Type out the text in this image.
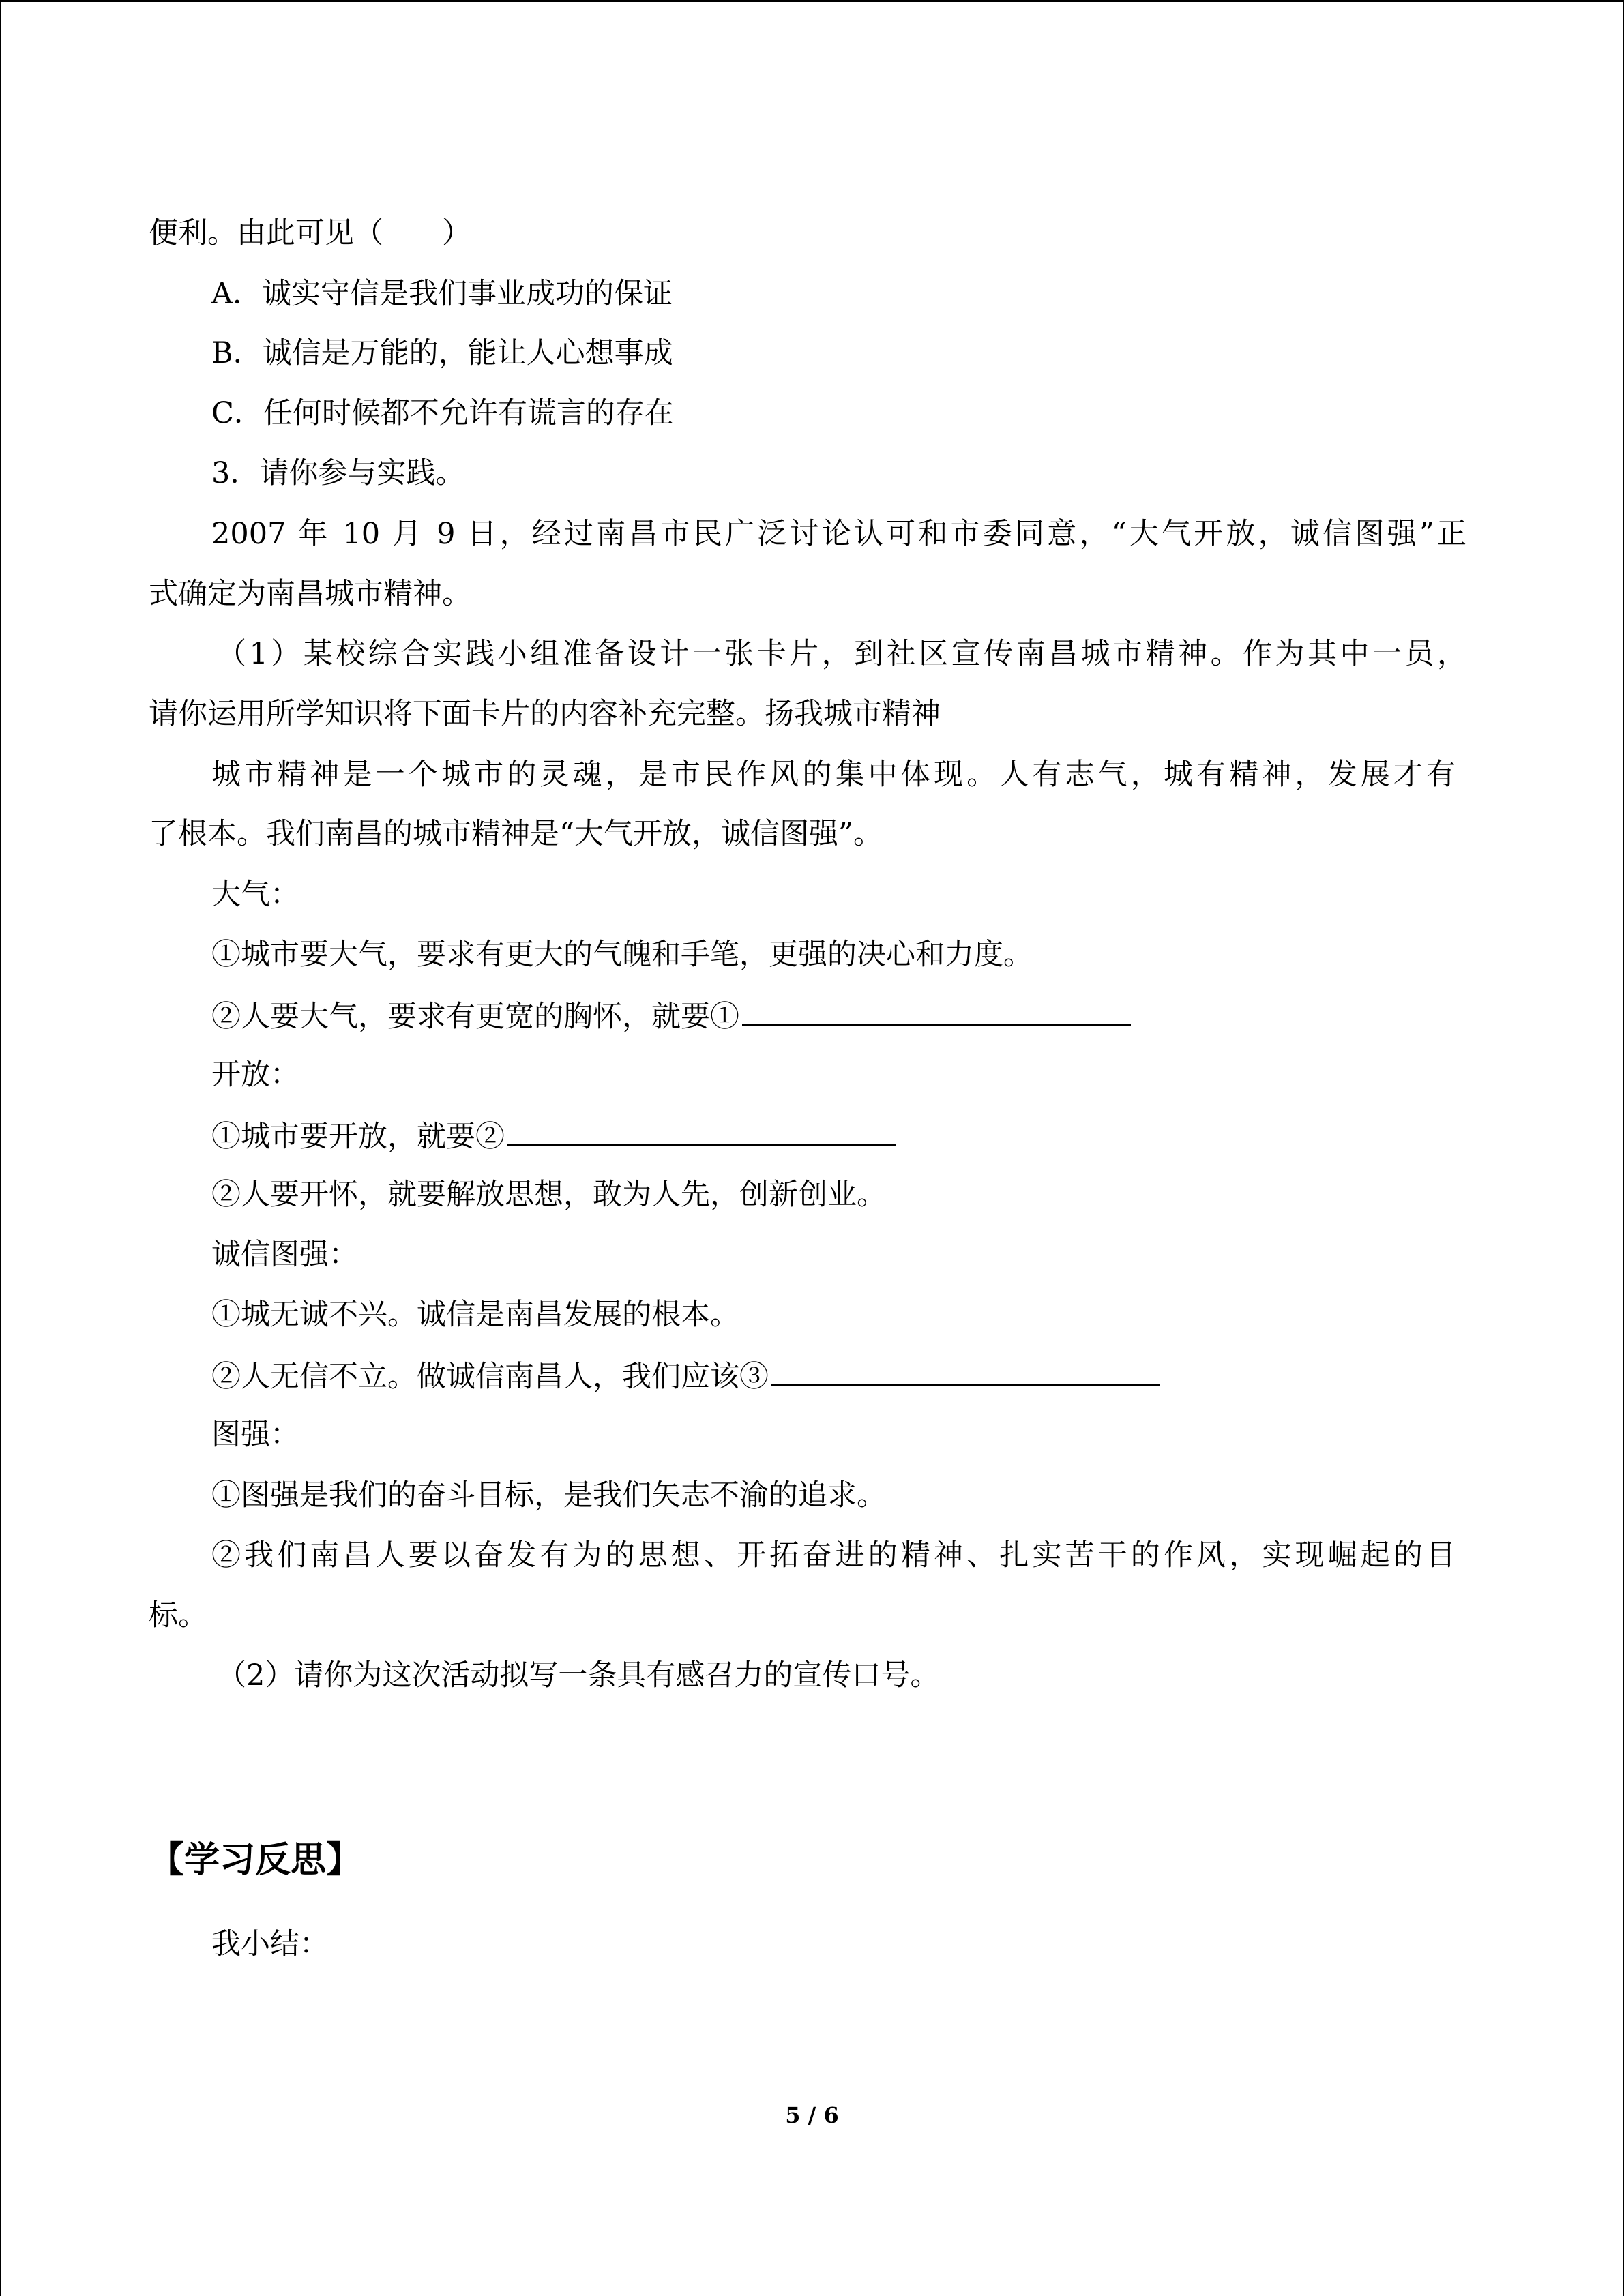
便利。由此可见（　　）
A．诚实守信是我们事业成功的保证
B．诚信是万能的，能让人心想事成
C．任何时候都不允许有谎言的存在
3．请你参与实践。
2007 年 10 月 9 日，经过南昌市民广泛讨论认可和市委同意，“大气开放，诚信图强”正
式确定为南昌城市精神。
（1）某校综合实践小组准备设计一张卡片，到社区宣传南昌城市精神。作为其中一员，
请你运用所学知识将下面卡片的内容补充完整。扬我城市精神
城市精神是一个城市的灵魂，是市民作风的集中体现。人有志气，城有精神，发展才有
了根本。我们南昌的城市精神是“大气开放，诚信图强”。
大气：
①城市要大气，要求有更大的气魄和手笔，更强的决心和力度。
②人要大气，要求有更宽的胸怀，就要①
开放：
①城市要开放，就要②
②人要开怀，就要解放思想，敢为人先，创新创业。
诚信图强：
①城无诚不兴。诚信是南昌发展的根本。
②人无信不立。做诚信南昌人，我们应该③
图强：
①图强是我们的奋斗目标，是我们矢志不渝的追求。
②我们南昌人要以奋发有为的思想、开拓奋进的精神、扎实苦干的作风，实现崛起的目
标。
（2）请你为这次活动拟写一条具有感召力的宣传口号。
【学习反思】
我小结：
5 / 6
